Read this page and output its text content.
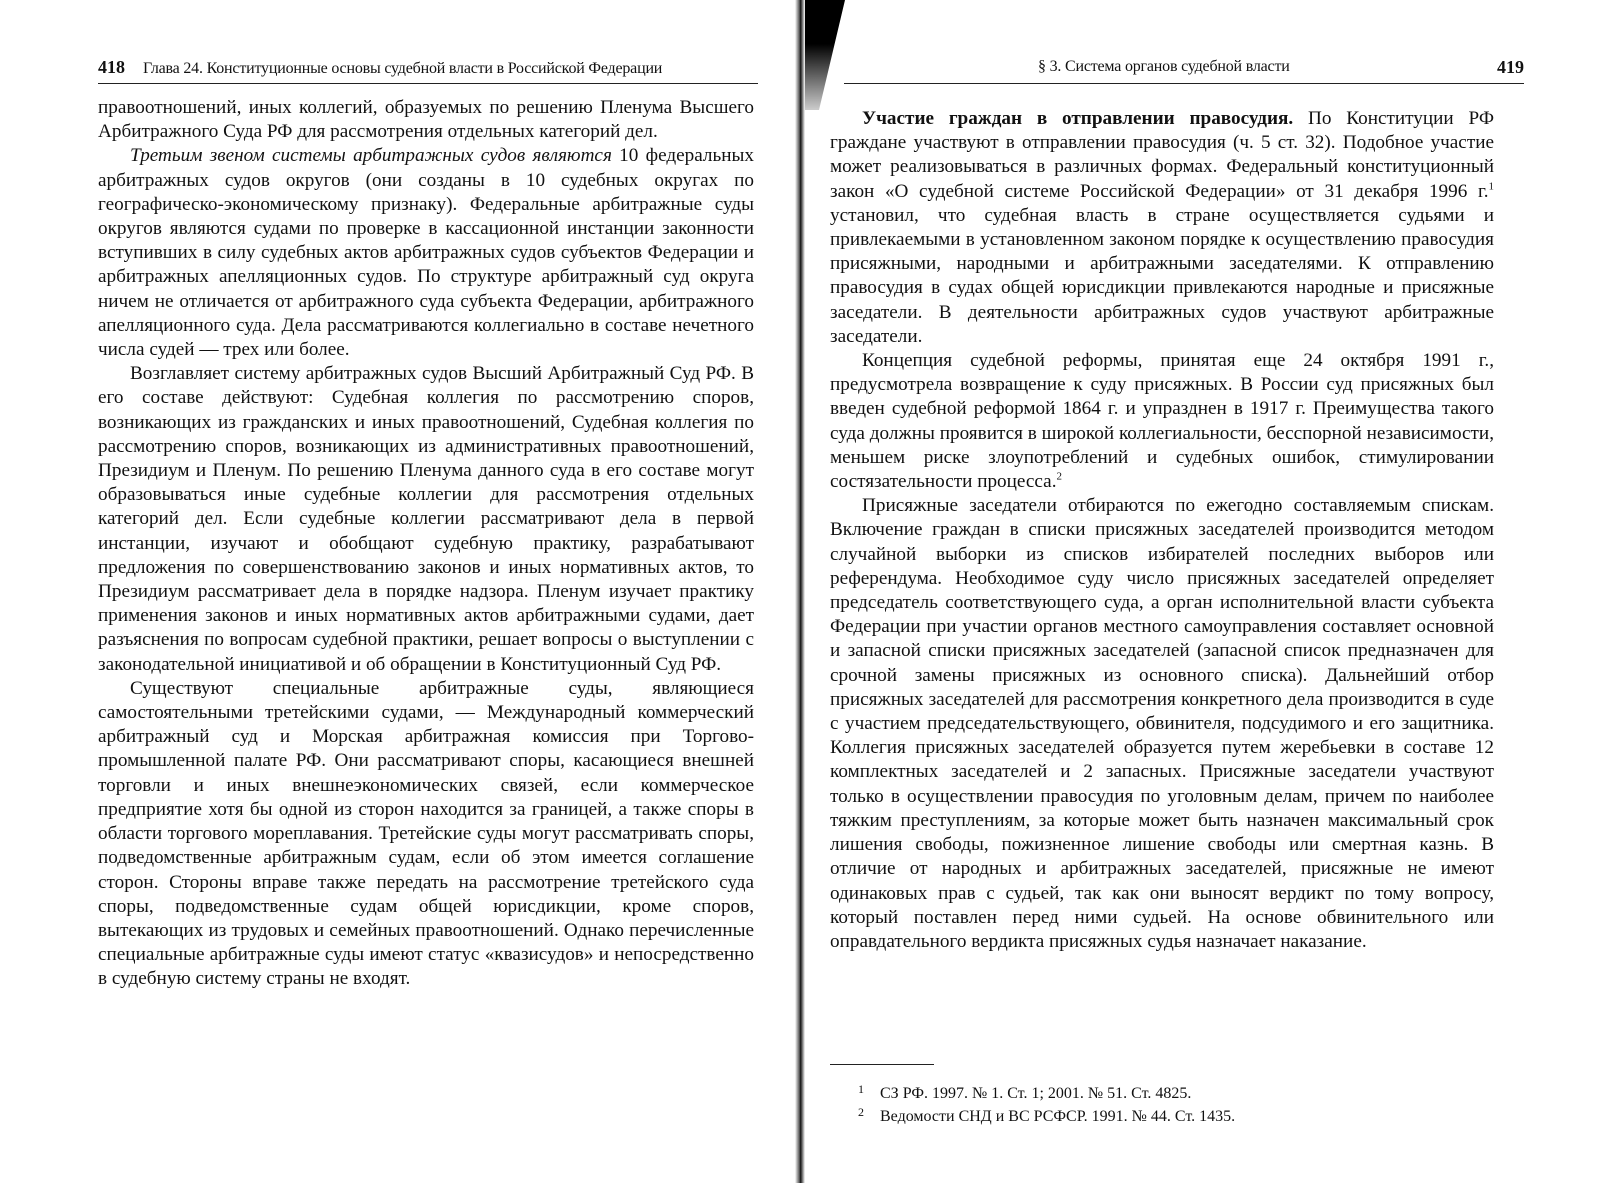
418 Глава 24. Конституционные основы судебной власти в Российской Федерации

правоотношений, иных коллегий, образуемых по решению Пленума Высшего Арбитражного Суда РФ для рассмотрения отдельных категорий дел.

Третьим звеном системы арбитражных судов являются 10 федеральных арбитражных судов округов (они созданы в 10 судебных округах по географическо-экономическому признаку). Федеральные арбитражные суды округов являются судами по проверке в кассационной инстанции законности вступивших в силу судебных актов арбитражных судов субъектов Федерации и арбитражных апелляционных судов. По структуре арбитражный суд округа ничем не отличается от арбитражного суда субъекта Федерации, арбитражного апелляционного суда. Дела рассматриваются коллегиально в составе нечетного числа судей — трех или более.

Возглавляет систему арбитражных судов Высший Арбитражный Суд РФ. В его составе действуют: Судебная коллегия по рассмотрению споров, возникающих из гражданских и иных правоотношений, Судебная коллегия по рассмотрению споров, возникающих из административных правоотношений, Президиум и Пленум. По решению Пленума данного суда в его составе могут образовываться иные судебные коллегии для рассмотрения отдельных категорий дел. Если судебные коллегии рассматривают дела в первой инстанции, изучают и обобщают судебную практику, разрабатывают предложения по совершенствованию законов и иных нормативных актов, то Президиум рассматривает дела в порядке надзора. Пленум изучает практику применения законов и иных нормативных актов арбитражными судами, дает разъяснения по вопросам судебной практики, решает вопросы о выступлении с законодательной инициативой и об обращении в Конституционный Суд РФ.

Существуют специальные арбитражные суды, являющиеся самостоятельными третейскими судами, — Международный коммерческий арбитражный суд и Морская арбитражная комиссия при Торгово-промышленной палате РФ. Они рассматривают споры, касающиеся внешней торговли и иных внешнеэкономических связей, если коммерческое предприятие хотя бы одной из сторон находится за границей, а также споры в области торгового мореплавания. Третейские суды могут рассматривать споры, подведомственные арбитражным судам, если об этом имеется соглашение сторон. Стороны вправе также передать на рассмотрение третейского суда споры, подведомственные судам общей юрисдикции, кроме споров, вытекающих из трудовых и семейных правоотношений. Однако перечисленные специальные арбитражные суды имеют статус «квазисудов» и непосредственно в судебную систему страны не входят.

§ 3. Система органов судебной власти	419

Участие граждан в отправлении правосудия. По Конституции РФ граждане участвуют в отправлении правосудия (ч. 5 ст. 32). Подобное участие может реализовываться в различных формах. Федеральный конституционный закон «О судебной системе Российской Федерации» от 31 декабря 1996 г.$^1$ установил, что судебная власть в стране осуществляется судьями и привлекаемыми в установленном законом порядке к осуществлению правосудия присяжными, народными и арбитражными заседателями. К отправлению правосудия в судах общей юрисдикции привлекаются народные и присяжные заседатели. В деятельности арбитражных судов участвуют арбитражные заседатели.

Концепция судебной реформы, принятая еще 24 октября 1991 г., предусмотрела возвращение к суду присяжных. В России суд присяжных был введен судебной реформой 1864 г. и упразднен в 1917 г. Преимущества такого суда должны проявится в широкой коллегиальности, бесспорной независимости, меньшем риске злоупотреблений и судебных ошибок, стимулировании состязательности процесса.$^2$

Присяжные заседатели отбираются по ежегодно составляемым спискам. Включение граждан в списки присяжных заседателей производится методом случайной выборки из списков избирателей последних выборов или референдума. Необходимое суду число присяжных заседателей определяет председатель соответствующего суда, а орган исполнительной власти субъекта Федерации при участии органов местного самоуправления составляет основной и запасной списки присяжных заседателей (запасной список предназначен для срочной замены присяжных из основного списка). Дальнейший отбор присяжных заседателей для рассмотрения конкретного дела производится в суде с участием председательствующего, обвинителя, подсудимого и его защитника. Коллегия присяжных заседателей образуется путем жеребьевки в составе 12 комплектных заседателей и 2 запасных. Присяжные заседатели участвуют только в осуществлении правосудия по уголовным делам, причем по наиболее тяжким преступлениям, за которые может быть назначен максимальный срок лишения свободы, пожизненное лишение свободы или смертная казнь. В отличие от народных и арбитражных заседателей, присяжные не имеют одинаковых прав с судьей, так как они выносят вердикт по тому вопросу, который поставлен перед ними судьей. На основе обвинительного или оправдательного вердикта присяжных судья назначает наказание.

1 СЗ РФ. 1997. № 1. Ст. 1; 2001. № 51. Ст. 4825.
2 Ведомости СНД и ВС РСФСР. 1991. № 44. Ст. 1435.
